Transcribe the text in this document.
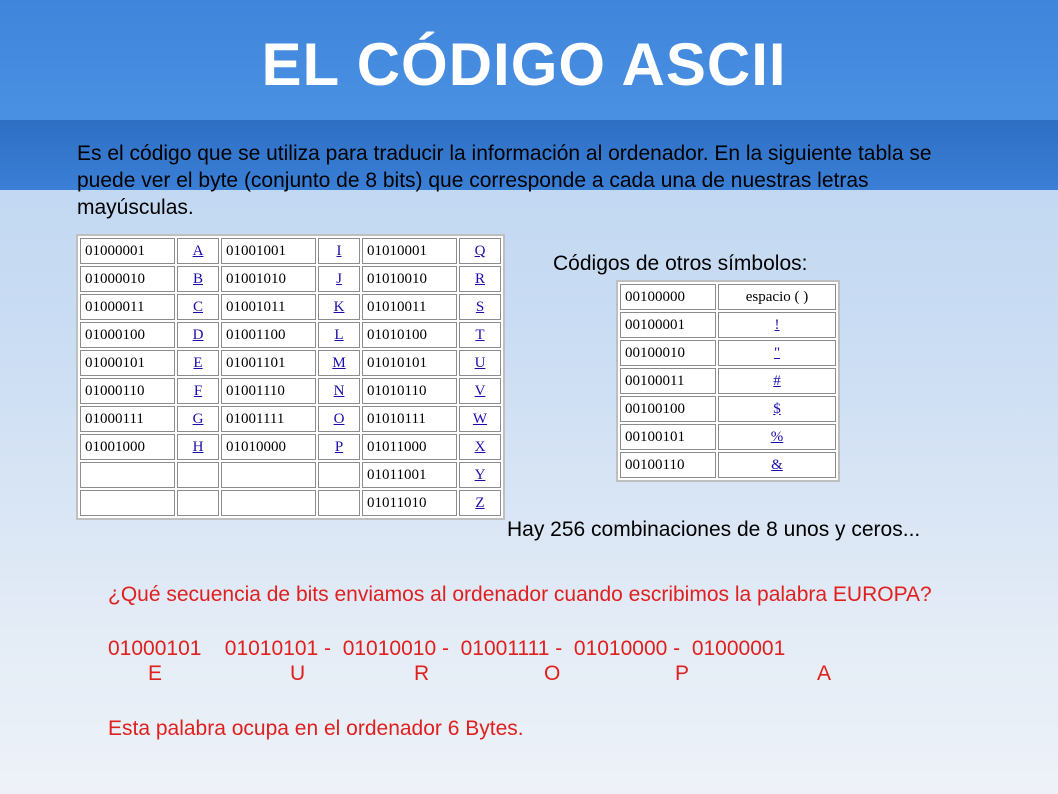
EL CÓDIGO ASCII
Es el código que se utiliza para traducir la información al ordenador. En la siguiente tabla se puede ver el byte (conjunto de 8 bits) que corresponde a cada una de nuestras letras mayúsculas.
01000001	A	01001001	I	01010001	Q
01000010	B	01001010	J	01010010	R
01000011	C	01001011	K	01010011	S
01000100	D	01001100	L	01010100	T
01000101	E	01001101	M	01010101	U
01000110	F	01001110	N	01010110	V
01000111	G	01001111	O	01010111	W
01001000	H	01010000	P	01011000	X
				01011001	Y
				01011010	Z
Códigos de otros símbolos:
00100000	espacio ( )
00100001	!
00100010	"
00100011	#
00100100	$
00100101	%
00100110	&
Hay 256 combinaciones de 8 unos y ceros...
¿Qué secuencia de bits enviamos al ordenador cuando escribimos la palabra EUROPA?
01000101    01010101 -  01010010 -  01001111 -  01010000 -  01000001
E	U	R	O	P	A
Esta palabra ocupa en el ordenador 6 Bytes.
